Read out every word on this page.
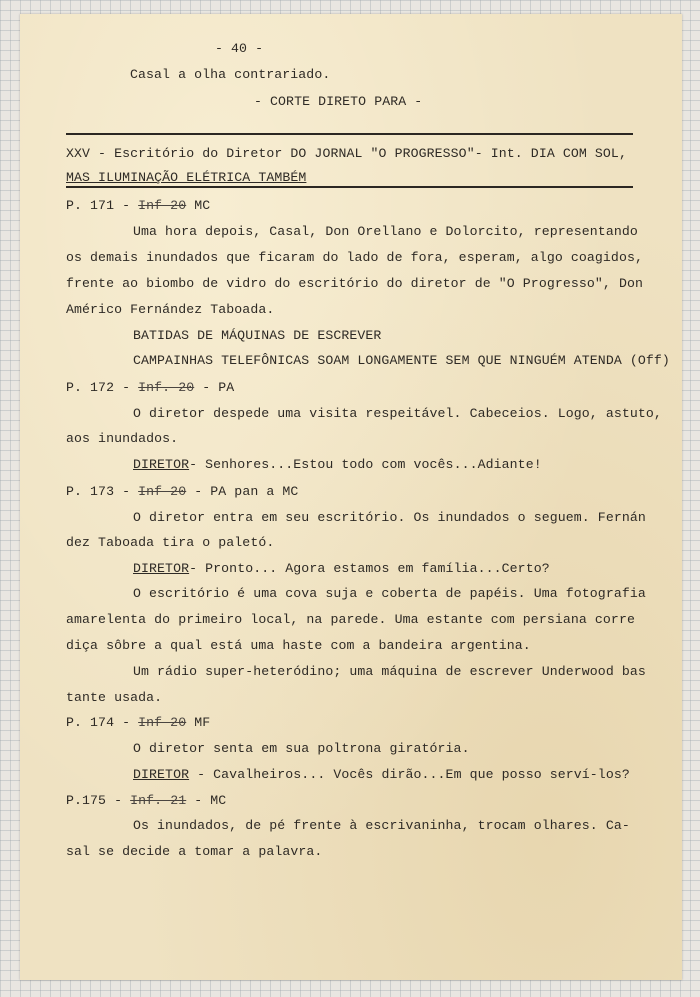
- 40 -
Casal a olha contrariado.
- CORTE DIRETO PARA -
XXV - Escritório do Diretor DO JORNAL "O PROGRESSO"- Int. DIA COM SOL,
MAS ILUMINAÇÃO ELÉTRICA TAMBÉM
P. 171 - Inf 20 MC
Uma hora depois, Casal, Don Orellano e Dolorcito, representando
os demais inundados que ficaram do lado de fora, esperam, algo coagidos,
frente ao biombo de vidro do escritório do diretor de "O Progresso", Don
Américo Fernández Taboada.
BATIDAS DE MÁQUINAS DE ESCREVER
CAMPAINHAS TELEFÔNICAS SOAM LONGAMENTE SEM QUE NINGUÉM ATENDA (Off)
P. 172 - Inf. 20 - PA
O diretor despede uma visita respeitável. Cabeceios. Logo, astuto,
aos inundados.
DIRETOR- Senhores...Estou todo com vocês...Adiante!
P. 173 - Inf 20 - PA pan a MC
O diretor entra em seu escritório. Os inundados o seguem. Fernán
dez Taboada tira o paletó.
DIRETOR- Pronto... Agora estamos em família...Certo?
O escritório é uma cova suja e coberta de papéis. Uma fotografia
amarelenta do primeiro local, na parede. Uma estante com persiana corre
diça sôbre a qual está uma haste com a bandeira argentina.
Um rádio super-heteródino; uma máquina de escrever Underwood bas
tante usada.
P. 174 - Inf 20 MF
O diretor senta em sua poltrona giratória.
DIRETOR - Cavalheiros... Vocês dirão...Em que posso serví-los?
P.175 - Inf. 21 - MC
Os inundados, de pé frente à escrivaninha, trocam olhares. Ca-
sal se decide a tomar a palavra.
